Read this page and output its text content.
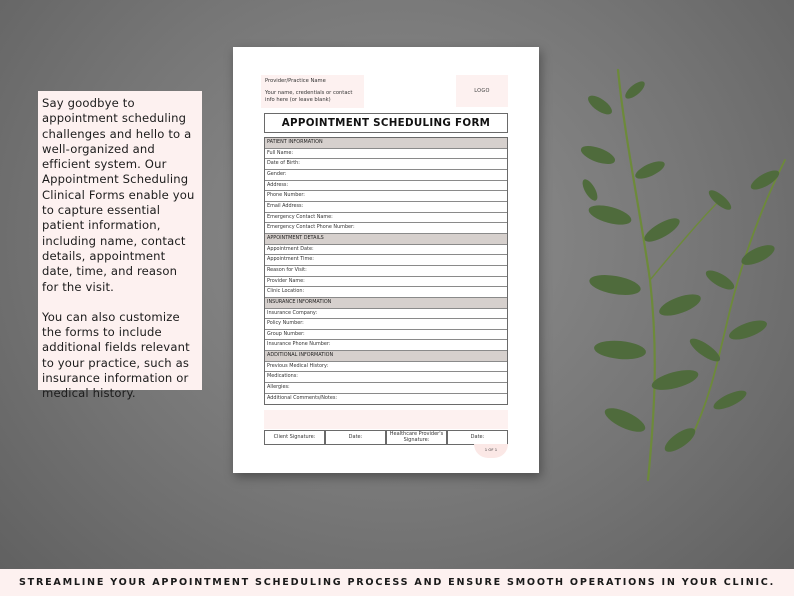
Say goodbye to appointment scheduling challenges and hello to a well-organized and efficient system. Our Appointment Scheduling Clinical Forms enable you to capture essential patient information, including name, contact details, appointment date, time, and reason for the visit.

You can also customize the forms to include additional fields relevant to your practice, such as insurance information or medical history.

Provider/Practice Name
Your name, credentials or contact info here (or leave blank)
LOGO
APPOINTMENT SCHEDULING FORM
PATIENT INFORMATION
Full Name:
Date of Birth:
Gender:
Address:
Phone Number:
Email Address:
Emergency Contact Name:
Emergency Contact Phone Number:
APPOINTMENT DETAILS
Appointment Date:
Appointment Time:
Reason for Visit:
Provider Name:
Clinic Location:
INSURANCE INFORMATION
Insurance Company:
Policy Number:
Group Number:
Insurance Phone Number:
ADDITIONAL INFORMATION
Previous Medical History:
Medications:
Allergies:
Additional Comments/Notes:
Client Signature:	Date:	Healthcare Provider's Signature:	Date:
1 OF 1
STREAMLINE YOUR APPOINTMENT SCHEDULING PROCESS AND ENSURE SMOOTH OPERATIONS IN YOUR CLINIC.
